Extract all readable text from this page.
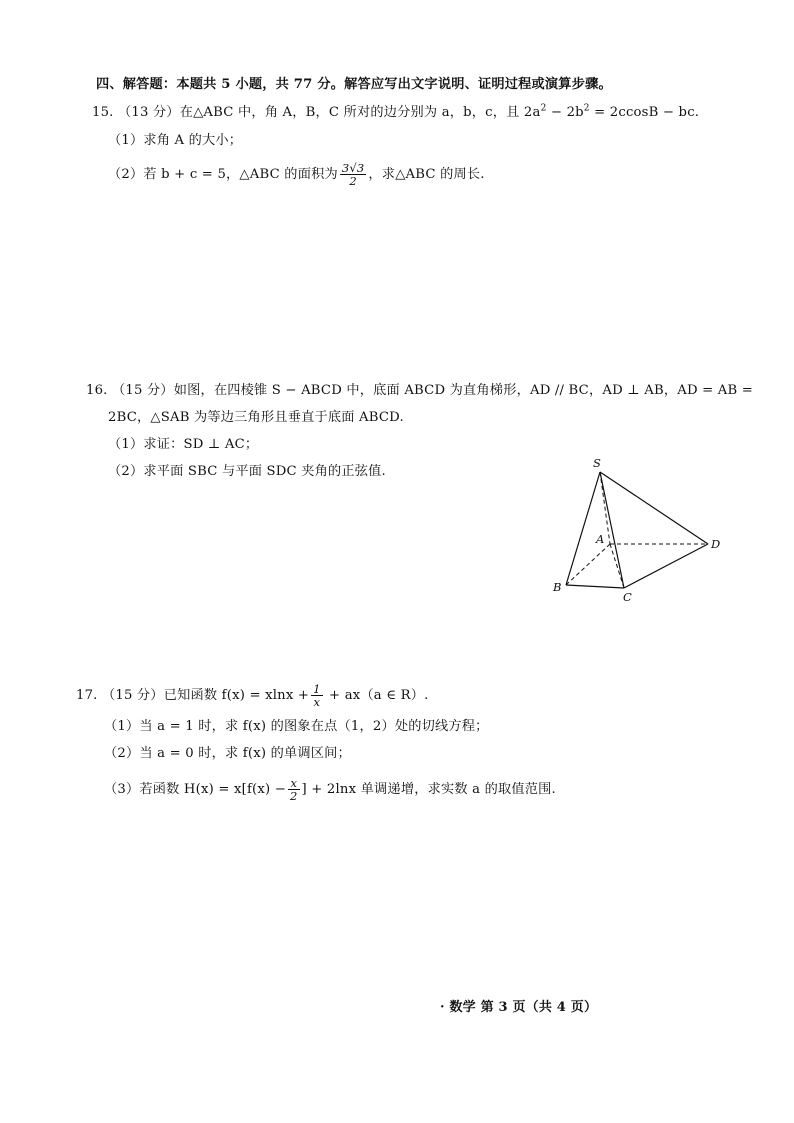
四、解答题：本题共 5 小题，共 77 分。解答应写出文字说明、证明过程或演算步骤。
15. （13 分）在△ABC 中，角 A，B，C 所对的边分别为 a，b，c，且 $2a^2 - 2b^2 = 2ccosB$ − bc.
（1）求角 A 的大小；
（2）若 b + c = 5，△ABC 的面积为 $\frac{3√3}{2}$ ，求△ABC 的周长.
16. （15 分）如图，在四棱锥 S − ABCD 中，底面 ABCD 为直角梯形，AD // BC，AD ⊥ AB，AD = AB =
2BC，△SAB 为等边三角形且垂直于底面 ABCD.
（1）求证：SD ⊥ AC；
（2）求平面 SBC 与平面 SDC 夹角的正弦值.
S
A
B
C
D
17. （15 分）已知函数 $f(x) = xlnx + \frac{1}{x} + ax(a$ ∈ R）.
（1）当 a = 1 时，求 f(x) 的图象在点（1，2）处的切线方程；
（2）当 a = 0 时，求 f(x) 的单调区间；
（3）若函数 $H(x) = x[f(x) - \frac{x}{2}$ ] + 2lnx 单调递增，求实数 a 的取值范围.
· 数学 第 3 页（共 4 页）
